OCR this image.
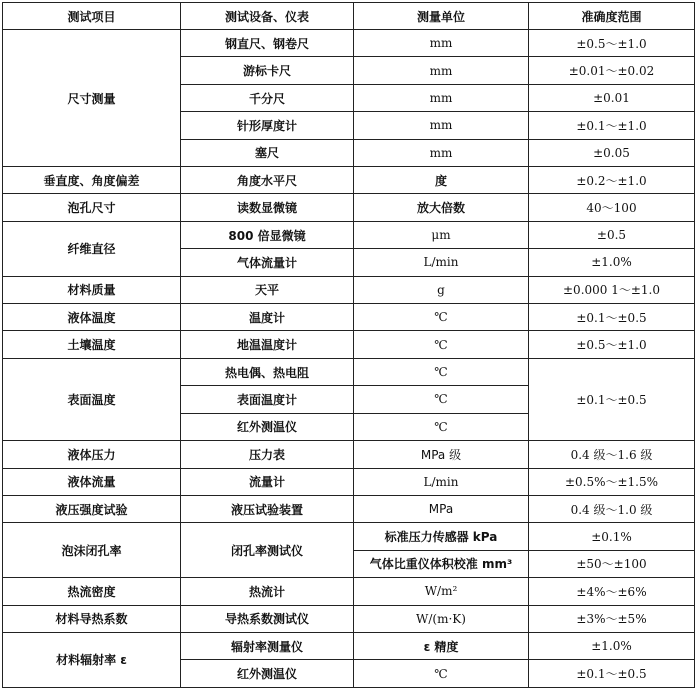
测试项目	测试设备、仪表	测量单位	准确度范围
尺寸测量	钢直尺、钢卷尺	mm	±0.5～±1.0
	游标卡尺	mm	±0.01～±0.02
	千分尺	mm	±0.01
	针形厚度计	mm	±0.1～±1.0
	塞尺	mm	±0.05
垂直度、角度偏差	角度水平尺	度	±0.2～±1.0
泡孔尺寸	读数显微镜	放大倍数	40～100
纤维直径	800 倍显微镜	μm	±0.5
	气体流量计	L/min	±1.0%
材料质量	天平	g	±0.000 1～±1.0
液体温度	温度计	℃	±0.1～±0.5
土壤温度	地温温度计	℃	±0.5～±1.0
表面温度	热电偶、热电阻	℃	±0.1～±0.5
	表面温度计	℃	
	红外测温仪	℃	
液体压力	压力表	MPa 级	0.4 级～1.6 级
液体流量	流量计	L/min	±0.5%～±1.5%
液压强度试验	液压试验装置	MPa	0.4 级～1.0 级
泡沫闭孔率	闭孔率测试仪	标准压力传感器 kPa	±0.1%
		气体比重仪体积校准 mm³	±50～±100
热流密度	热流计	W/m²	±4%～±6%
材料导热系数	导热系数测试仪	W/(m·K)	±3%～±5%
材料辐射率 ε	辐射率测量仪	ε 精度	±1.0%
	红外测温仪	℃	±0.1～±0.5
